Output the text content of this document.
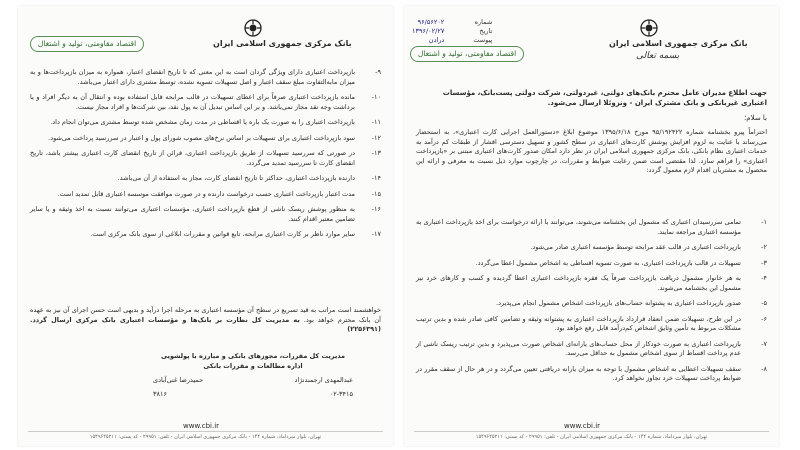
بانک مرکزی جمهوری اسلامی ایران
اقتصاد مقاومتی، تولید و اشتغال
۹-
بازپرداخت اعتباری دارای ویژگی گردان است به این معنی که تا تاریخ انقضای اعتبار، همواره به میزان بازپرداخت‌ها و به میزان مابه‌التفاوت مبلغ سقف اعتبار و اصل تسهیلات تسویه نشده، توسط مشتری دارای اعتبار می‌باشد.
۱۰-
مانده بازپرداخت اعتباری صرفاً برای اعطای تسهیلات در قالب مرابحه قابل استفاده بوده و انتقال آن به دیگر افراد و یا برداشت وجه نقد مجاز نمی‌باشد. و بر این اساس تبدیل آن به پول نقد، بین شرکت‌ها و افراد مجاز نیست.
۱۱-
بازپرداخت اعتباری را به صورت یک باره یا اقساطی در مدت زمان مشخص شده توسط مشتری می‌توان انجام داد.
۱۲-
سود بازپرداخت اعتباری برای تسهیلات بر اساس نرخ‌های مصوب شورای پول و اعتبار در سررسید پرداخت می‌شود.
۱۳-
در صورتی که سررسید تسهیلات از طریق بازپرداخت اعتباری، قرائن از تاریخ انقضای کارت اعتباری بیشتر باشد، تاریخ انقضای کارت تا سررسید تمدید می‌گردد.
۱۴-
دارنده بازپرداخت اعتباری، حداکثر تا تاریخ انقضای کارت، مجاز به استفاده از آن می‌باشد.
۱۵-
مدت اعتبار بازپرداخت اعتباری حسب درخواست دارنده و در صورت موافقت موسسه اعتباری قابل تمدید است.
۱۶-
به منظور پوشش ریسک ناشی از قطع بازپرداخت اعتباری، مؤسسات اعتباری می‌توانند نسبت به اخذ وثیقه و یا سایر تضامین معتبر اقدام کنند.
۱۷-
سایر موارد ناظر بر کارت اعتباری مرابحه، تابع قوانین و مقررات ابلاغی از سوی بانک مرکزی است.
خواهشمند است مراتب به قید تسریع در سطح آن مؤسسه اعتباری به مرحله اجرا درآید و بدیهی است حسن اجرای آن نیز به عهده آن بانک محترم خواهد بود. به مدیریت کل نظارت بر بانک‌ها و مؤسسات اعتباری بانک مرکزی ارسال گردد. (۲۲۵۶۳۹۱)
مدیریت کل مقررات، مجوزهای بانکی و مبارزه با پولشویی
اداره مطالعات و مقررات بانکی
عبدالمهدی ارجمندنژاد
حمیدرضا غنی‌آبادی
۰۲-۳۴۱۵
۳۸۱۶
www.cbi.ir
تهران، بلوار میرداماد، شماره ۱۴۴ - بانک مرکزی جمهوری اسلامی ایران - تلفن: ۲۹۹۵۱ - کد پستی: ۱۵۴۹۶۴۵۲۱۱
بانک مرکزی جمهوری اسلامی ایران
بسمه تعالی
اقتصاد مقاومتی، تولید و اشتغال
شماره
۹۶/۵۶۲۰۲
تاریخ
۱۳۹۶/۰۲/۲۷
پیوست
ندارد
جهت اطلاع مدیران عامل محترم بانک‌های دولتی، غیردولتی، شرکت دولتی پست‌بانک، مؤسسات اعتباری غیربانکی و بانک مشترک ایران - ونزوئلا ارسال می‌شود.
با سلام؛
احتراماً پیرو بخشنامه شماره ۹۵/۱۹۲۴۲۲ مورخ ۱۳۹۵/۶/۱۸ موضوع ابلاغ «دستورالعمل اجرایی کارت اعتباری»، به استحضار می‌رساند با عنایت به لزوم افزایش پوشش کارت‌های اعتباری در سطح کشور و تسهیل دسترسی اقشار از طبقات کم درآمد به خدمات اعتباری نظام بانکی، بانک مرکزی جمهوری اسلامی ایران در نظر دارد امکان صدور کارت‌های اعتباری مبتنی بر «بازپرداخت اعتباری» را فراهم سازد. لذا مقتضی است ضمن رعایت ضوابط و مقررات، در چارچوب موارد ذیل نسبت به معرفی و ارائه این محصول به مشتریان اقدام لازم معمول گردد:
۱-
تمامی سررسیدان اعتباری که مشمول این بخشنامه می‌شوند، می‌توانند با ارائه درخواست برای اخذ بازپرداخت اعتباری به مؤسسه اعتباری مراجعه نمایند.
۲-
بازپرداخت اعتباری در قالب عقد مرابحه توسط مؤسسه اعتباری صادر می‌شود.
۳-
تسهیلات در قالب بازپرداخت اعتباری، به صورت تسویه اقساطی به اشخاص مشمول اعطا می‌گردد.
۴-
به هر خانوار مشمول دریافت بازپرداخت صرفاً یک فقره بازپرداخت اعتباری اعطا گردیده و کسب و کارهای خرد نیز مشمول این بخشنامه می‌شوند.
۵-
صدور بازپرداخت اعتباری به پشتوانه حساب‌های بازپرداخت اشخاص مشمول انجام می‌پذیرد.
۶-
در این طرح، تسهیلات ضمن انعقاد قرارداد بازپرداخت اعتباری به پشتوانه وثیقه و تضامین کافی صادر شده و بدین ترتیب مشکلات مربوط به تأمین وثایق اشخاص کم‌درآمد قابل رفع خواهد بود.
۷-
بازپرداخت اعتباری به صورت خودکار از محل حساب‌های یارانه‌ای اشخاص صورت می‌پذیرد و بدین ترتیب ریسک ناشی از عدم پرداخت اقساط از سوی اشخاص مشمول به حداقل می‌رسد.
۸-
سقف تسهیلات اعطایی به اشخاص مشمول با توجه به میزان یارانه دریافتی تعیین می‌گردد و در هر حال از سقف مقرر در ضوابط پرداخت تسهیلات خرد تجاوز نخواهد کرد.
www.cbi.ir
تهران، بلوار میرداماد، شماره ۱۴۴ - بانک مرکزی جمهوری اسلامی ایران - تلفن: ۲۹۹۵۱ - کد پستی: ۱۵۴۹۶۴۵۲۱۱
